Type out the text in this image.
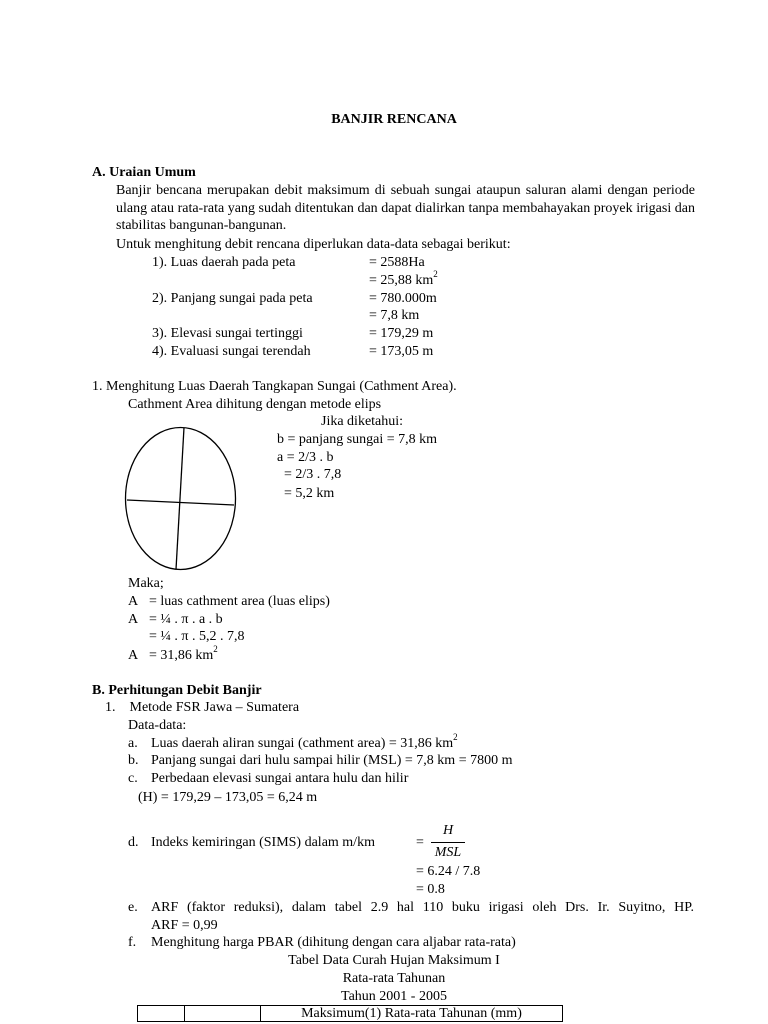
BANJIR RENCANA
A. Uraian Umum
Banjir bencana merupakan debit maksimum di sebuah sungai ataupun saluran alami dengan periode ulang atau rata-rata yang sudah ditentukan dan dapat dialirkan tanpa membahayakan proyek irigasi dan stabilitas bangunan-bangunan.
Untuk menghitung debit rencana diperlukan data-data sebagai berikut:
1). Luas daerah pada peta	= 2588Ha
= 25,88 $km^2$
2). Panjang sungai pada peta	= 780.000m
= 7,8 km
3). Elevasi sungai tertinggi	= 179,29 m
4). Evaluasi sungai terendah	= 173,05 m
1. Menghitung Luas Daerah Tangkapan Sungai (Cathment Area).
Cathment Area dihitung dengan metode elips
Jika diketahui:
b = panjang sungai = 7,8 km
a = 2/3 . b
= 2/3 . 7,8
= 5,2 km
Maka;
A = luas cathment area (luas elips)
A = ¼ . π . a . b
= ¼ . π . 5,2 . 7,8
A = 31,86 $km^2$
B. Perhitungan Debit Banjir
1.    Metode FSR Jawa – Sumatera
Data-data:
a. Luas daerah aliran sungai (cathment area) = 31,86 $km^2$
b. Panjang sungai dari hulu sampai hilir (MSL) = 7,8 km = 7800 m
c. Perbedaan elevasi sungai antara hulu dan hilir
(H) = 179,29 – 173,05 = 6,24 m
d. Indeks kemiringan (SIMS) dalam m/km	=
H
MSL
= 6.24 / 7.8
= 0.8
e. ARF (faktor reduksi), dalam tabel 2.9 hal 110 buku irigasi oleh Drs. Ir. Suyitno, HP.
ARF = 0,99
f. Menghitung harga PBAR (dihitung dengan cara aljabar rata-rata)
Tabel Data Curah Hujan Maksimum I
Rata-rata Tahunan
Tahun 2001 - 2005
		Maksimum(1) Rata-rata Tahunan (mm)
